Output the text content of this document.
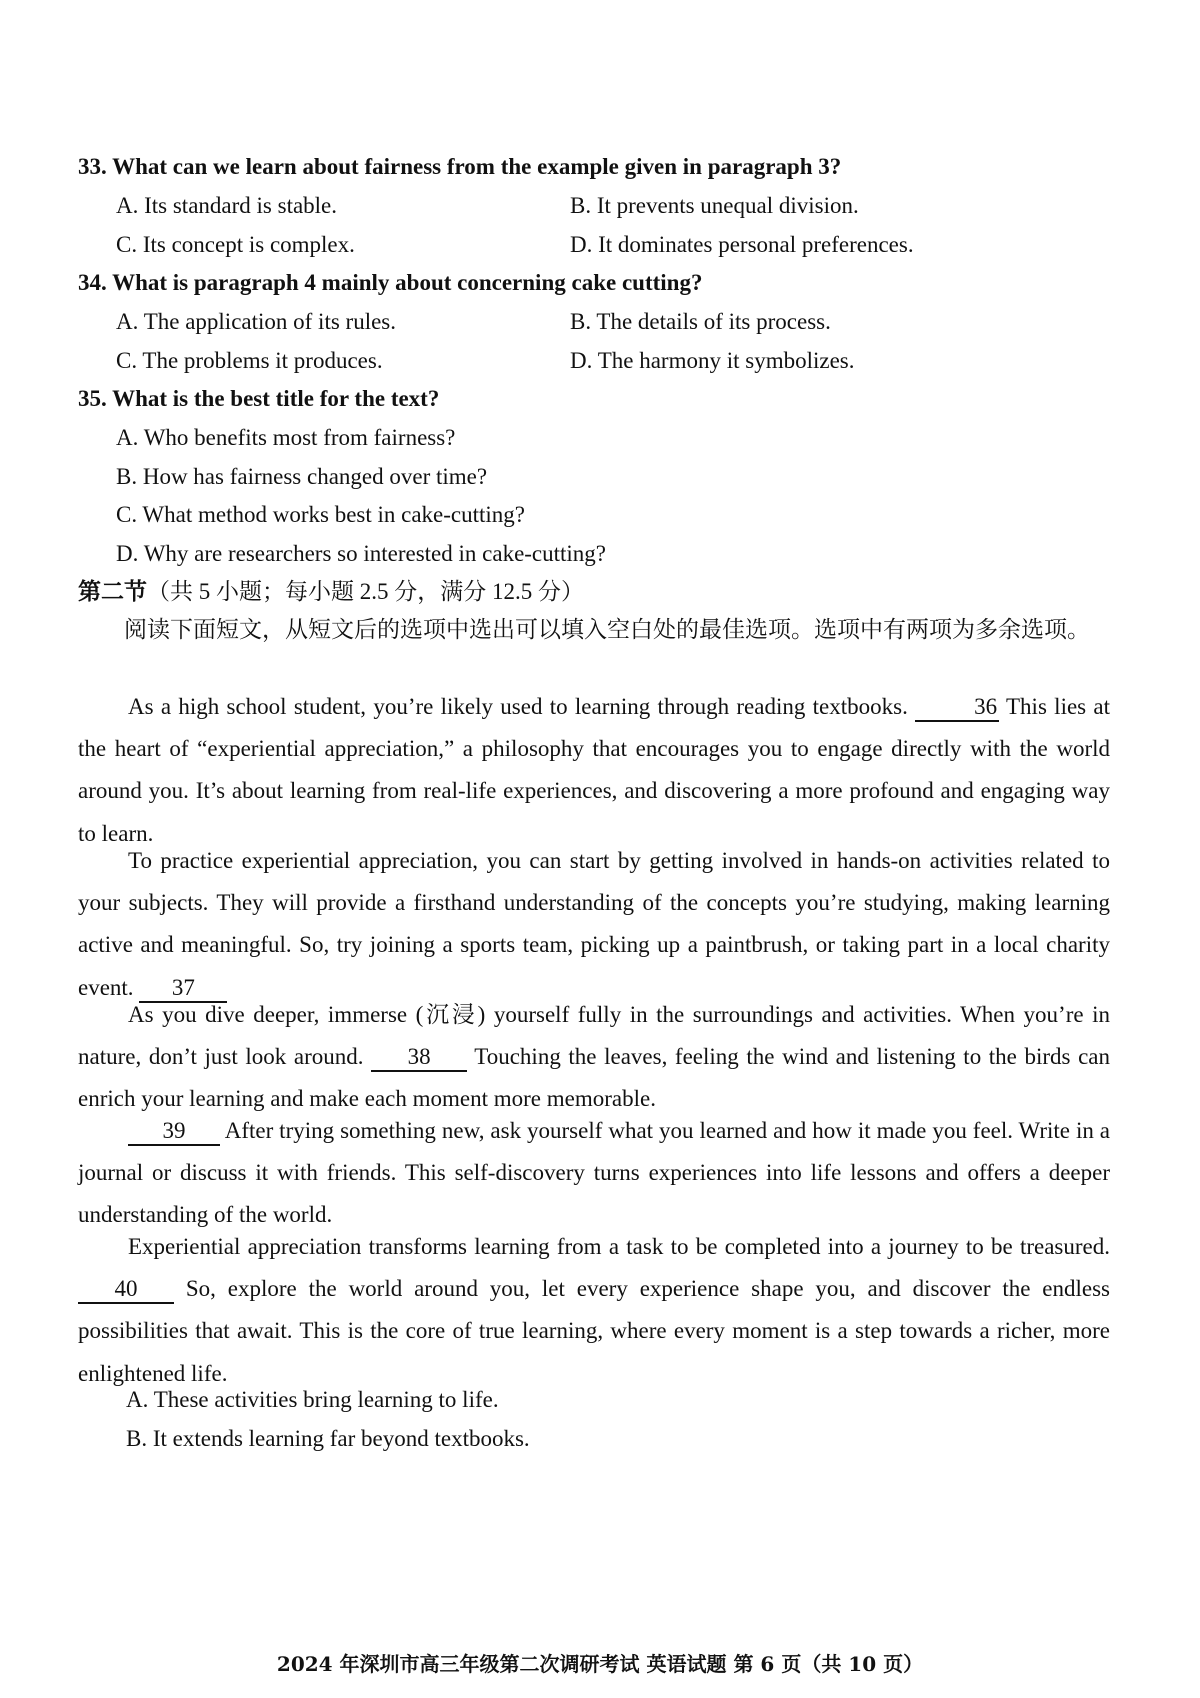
33. What can we learn about fairness from the example given in paragraph 3?
A. Its standard is stable.	B. It prevents unequal division.
C. Its concept is complex.	D. It dominates personal preferences.
34. What is paragraph 4 mainly about concerning cake cutting?
A. The application of its rules.	B. The details of its process.
C. The problems it produces.	D. The harmony it symbolizes.
35. What is the best title for the text?
A. Who benefits most from fairness?
B. How has fairness changed over time?
C. What method works best in cake-cutting?
D. Why are researchers so interested in cake-cutting?
第二节（共 5 小题；每小题 2.5 分，满分 12.5 分）
阅读下面短文，从短文后的选项中选出可以填入空白处的最佳选项。选项中有两项为多余选项。
As a high school student, you’re likely used to learning through reading textbooks.	36 This lies at the heart of “experiential appreciation,” a philosophy that encourages you to engage directly with the world around you. It’s about learning from real-life experiences, and discovering a more profound and engaging way to learn.
To practice experiential appreciation, you can start by getting involved in hands-on activities related to your subjects. They will provide a firsthand understanding of the concepts you’re studying, making learning active and meaningful. So, try joining a sports team, picking up a paintbrush, or taking part in a local charity event. 37
As you dive deeper, immerse (沉浸) yourself fully in the surroundings and activities. When you’re in nature, don’t just look around. 38 Touching the leaves, feeling the wind and listening to the birds can enrich your learning and make each moment more memorable.
39 After trying something new, ask yourself what you learned and how it made you feel. Write in a journal or discuss it with friends. This self-discovery turns experiences into life lessons and offers a deeper understanding of the world.
Experiential appreciation transforms learning from a task to be completed into a journey to be treasured. 40 So, explore the world around you, let every experience shape you, and discover the endless possibilities that await. This is the core of true learning, where every moment is a step towards a richer, more enlightened life.
A. These activities bring learning to life.
B. It extends learning far beyond textbooks.
2024 年深圳市高三年级第二次调研考试 英语试题 第 6 页（共 10 页）
